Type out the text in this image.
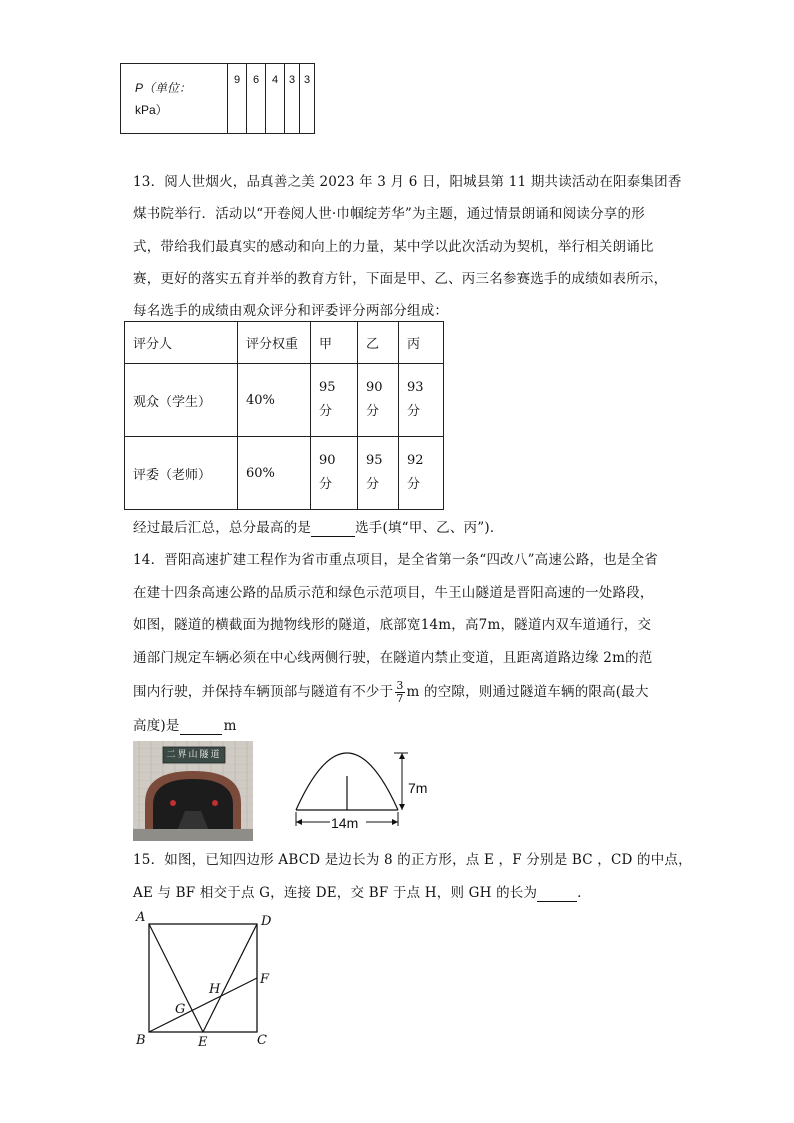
P（单位：
kPa）	9	6	4	3	3
13．阅人世烟火，品真善之美 2023 年 3 月 6 日，阳城县第 11 期共读活动在阳泰集团香
煤书院举行．活动以“开卷阅人世·巾帼绽芳华”为主题，通过情景朗诵和阅读分享的形
式，带给我们最真实的感动和向上的力量，某中学以此次活动为契机，举行相关朗诵比
赛，更好的落实五育并举的教育方针，下面是甲、乙、丙三名参赛选手的成绩如表所示，
每名选手的成绩由观众评分和评委评分两部分组成：
评分人	评分权重	甲	乙	丙
观众（学生）	40%	95
分	90
分	93
分
评委（老师）	60%	90
分	95
分	92
分
经过最后汇总，总分最高的是	选手(填“甲、乙、丙”)．
14．晋阳高速扩建工程作为省市重点项目，是全省第一条“四改八”高速公路，也是全省
在建十四条高速公路的品质示范和绿色示范项目，牛王山隧道是晋阳高速的一处路段，
如图，隧道的横截面为抛物线形的隧道，底部宽14m，高7m，隧道内双车道通行，交
通部门规定车辆必须在中心线两侧行驶，在隧道内禁止变道，且距离道路边缘 2m的范
围内行驶，并保持车辆顶部与隧道有不少于 $\frac{3}{7}$ m 的空隙，则通过隧道车辆的限高(最大
高度)是	m
二界山隧道
7m
14m
15．如图，已知四边形 ABCD 是边长为 8 的正方形，点 E ，F 分别是 BC ，CD 的中点，
AE 与 BF 相交于点 G，连接 DE，交 BF 于点 H，则 GH 的长为	．
A	D
F
H
G
B	E	C
